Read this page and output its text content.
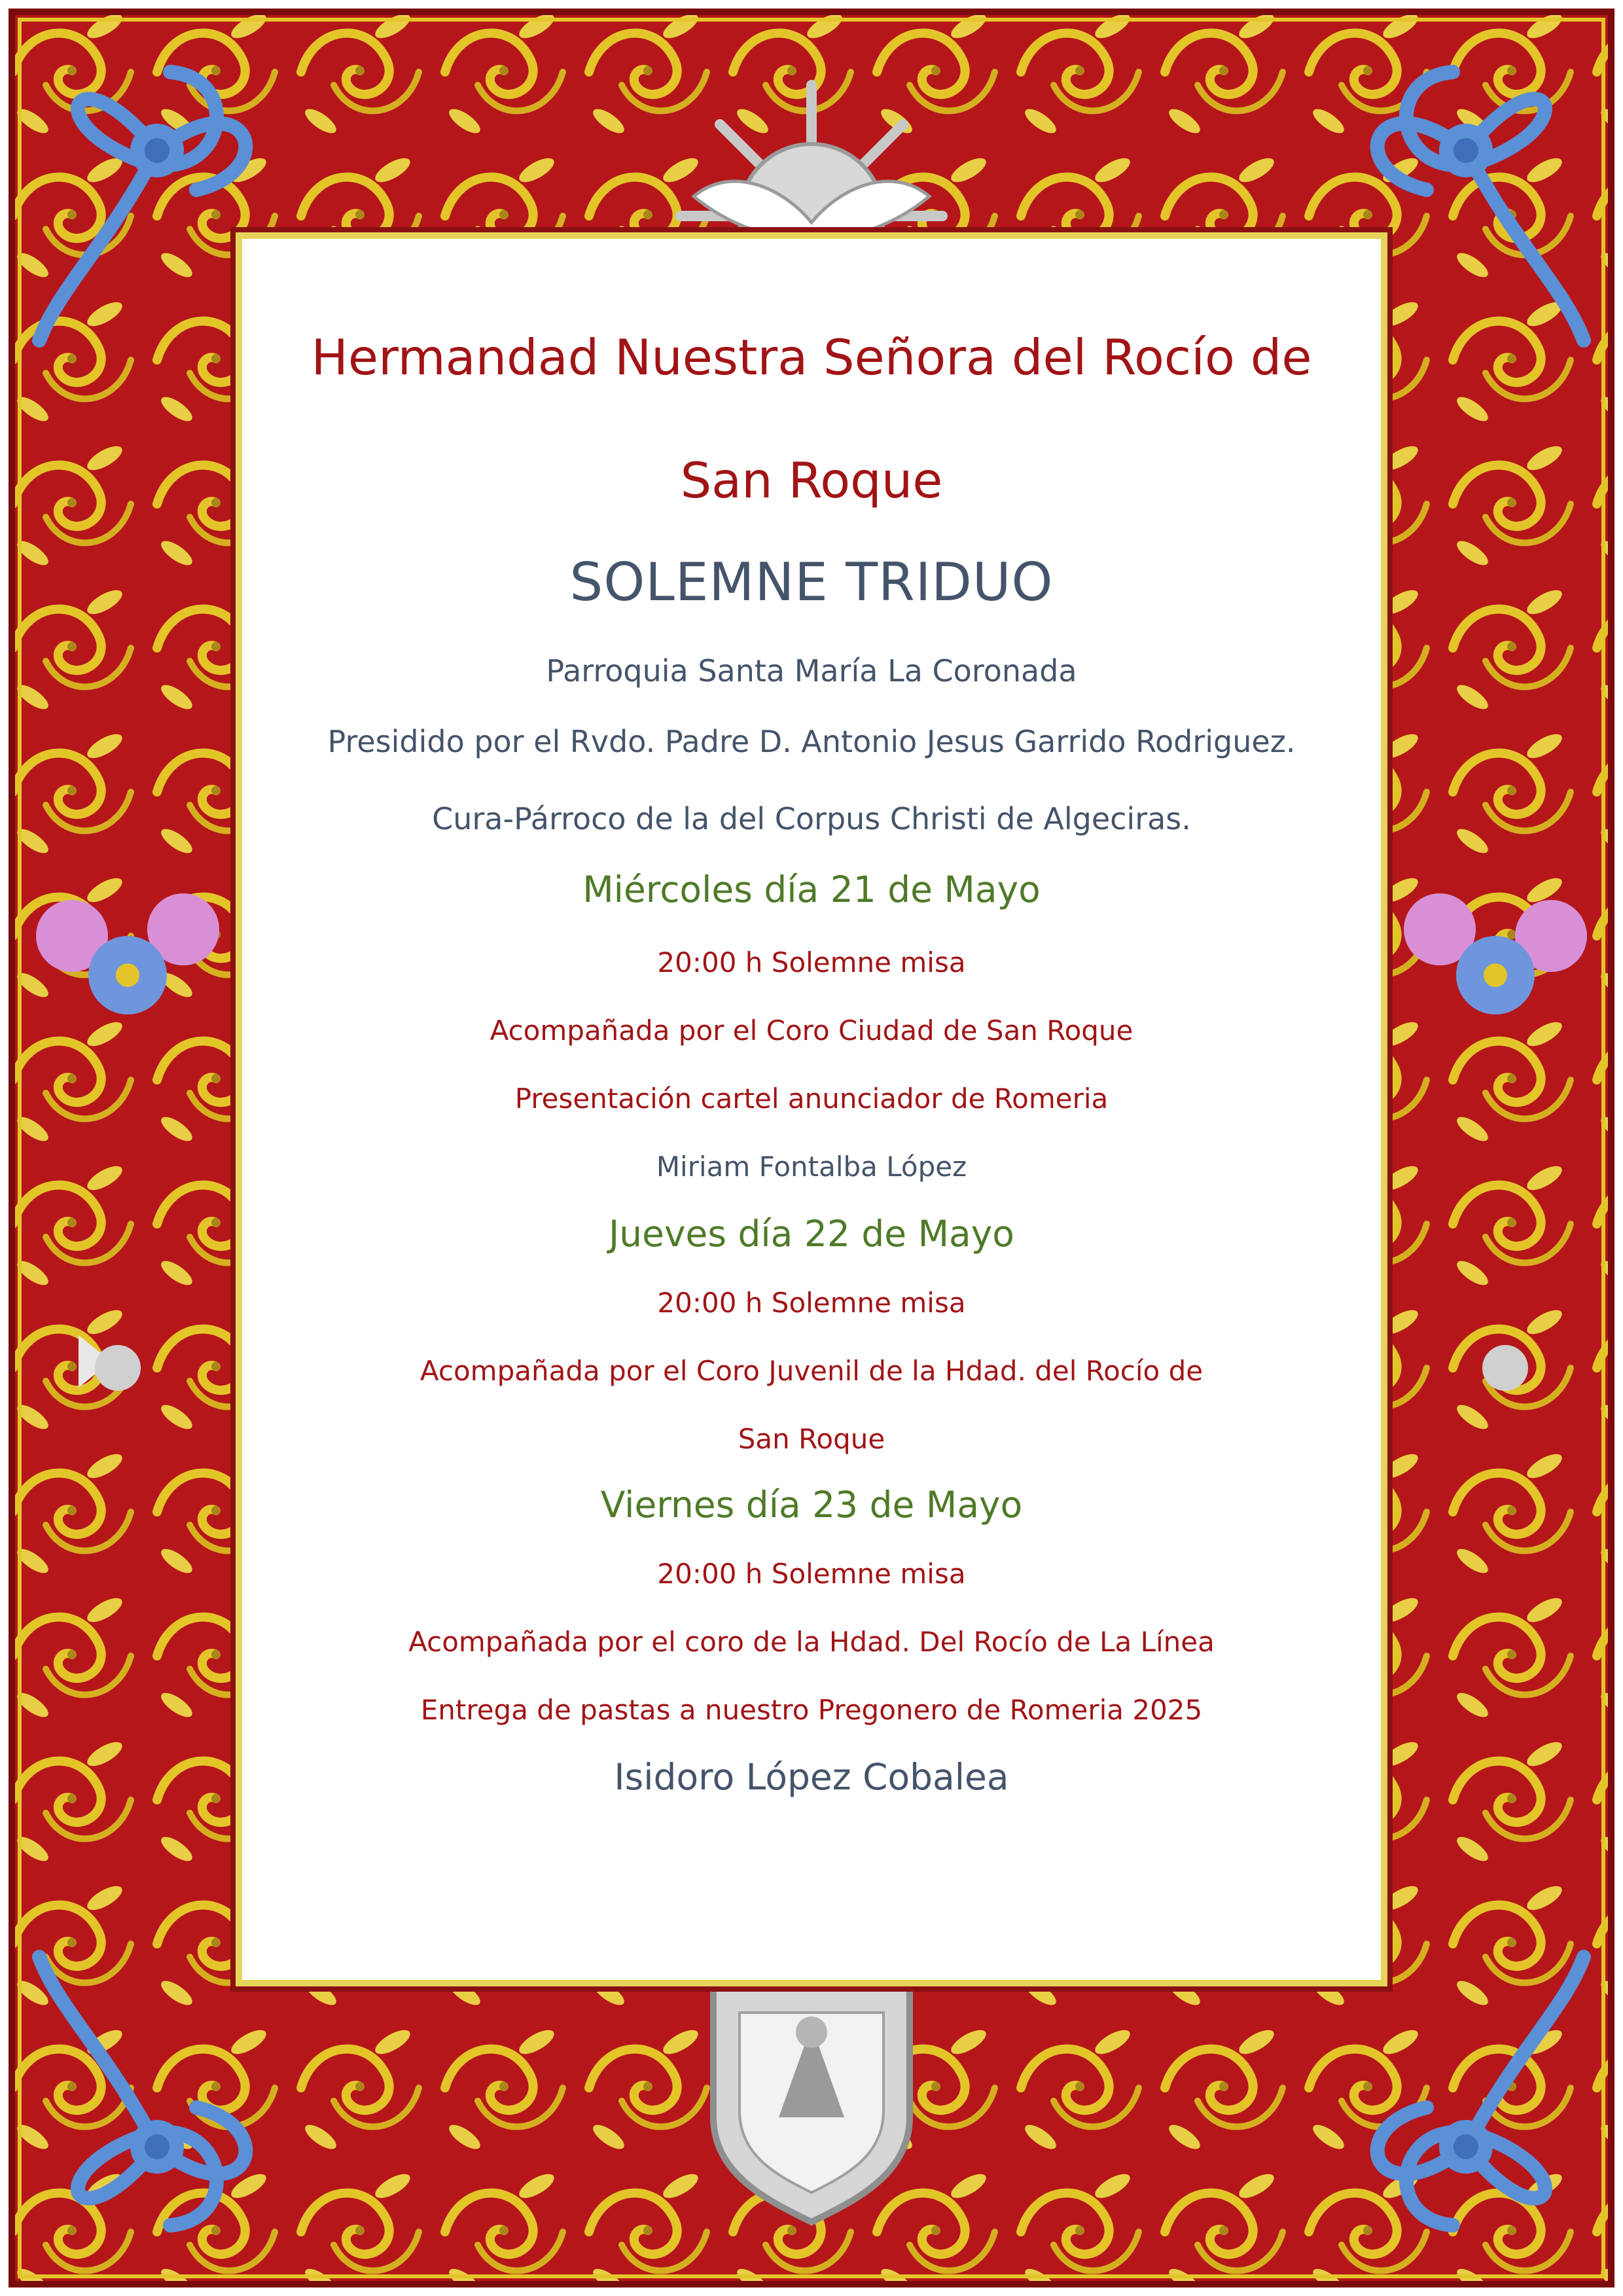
Hermandad Nuestra Señora del Rocío de

San Roque

SOLEMNE TRIDUO

Parroquia Santa María La Coronada

Presidido por el Rvdo. Padre D. Antonio Jesus Garrido Rodriguez.

Cura-Párroco de la del Corpus Christi de Algeciras.

Miércoles día 21 de Mayo

20:00 h Solemne misa

Acompañada por el Coro Ciudad de San Roque

Presentación cartel anunciador de Romeria

Miriam Fontalba López

Jueves día 22 de Mayo

20:00 h Solemne misa

Acompañada por el Coro Juvenil de la Hdad. del Rocío de

San Roque

Viernes día 23 de Mayo

20:00 h Solemne misa

Acompañada por el coro de la Hdad. Del Rocío de La Línea

Entrega de pastas a nuestro Pregonero de Romeria 2025

Isidoro López Cobalea
